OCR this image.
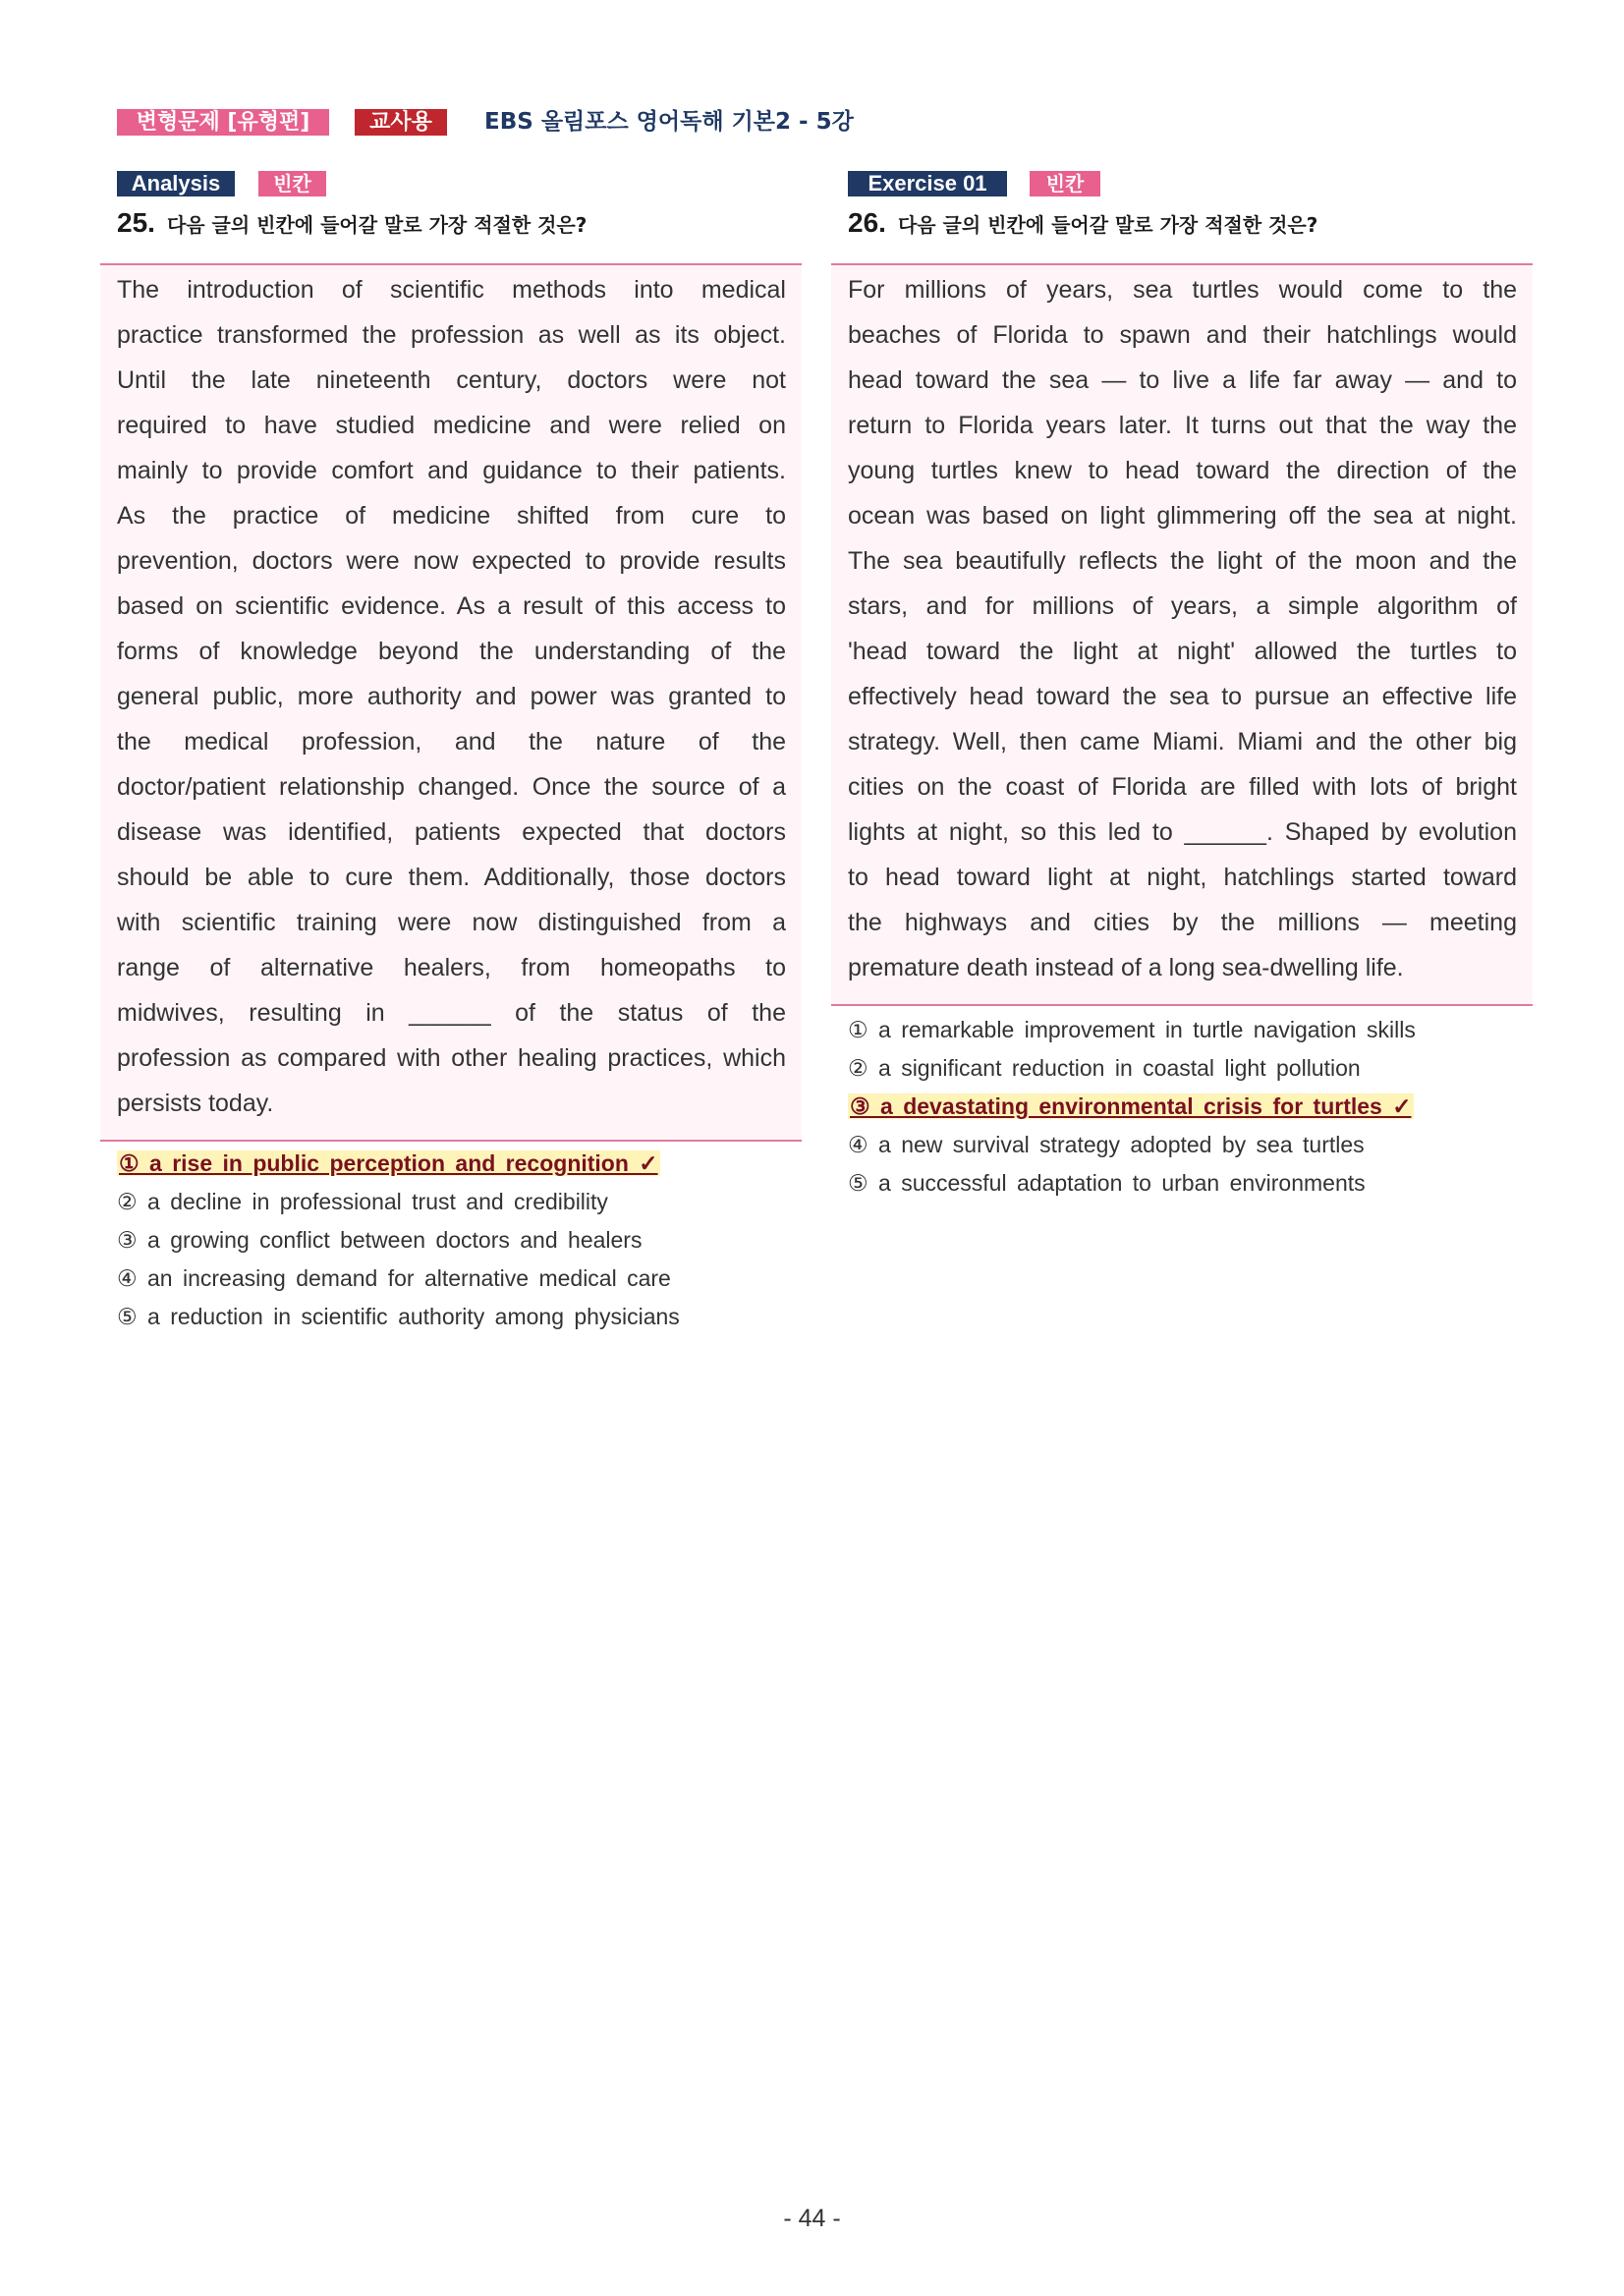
변형문제 [유형편]	교사용	EBS 올림포스 영어독해 기본2 - 5강
Analysis	빈칸
25. 다음 글의 빈칸에 들어갈 말로 가장 적절한 것은?
The introduction of scientific methods into medical
practice transformed the profession as well as its object.
Until the late nineteenth century, doctors were not
required to have studied medicine and were relied on
mainly to provide comfort and guidance to their patients.
As the practice of medicine shifted from cure to
prevention, doctors were now expected to provide results
based on scientific evidence. As a result of this access to
forms of knowledge beyond the understanding of the
general public, more authority and power was granted to
the medical profession, and the nature of the
doctor/patient relationship changed. Once the source of a
disease was identified, patients expected that doctors
should be able to cure them. Additionally, those doctors
with scientific training were now distinguished from a
range of alternative healers, from homeopaths to
midwives, resulting in ______ of the status of the
profession as compared with other healing practices, which
persists today.
① a rise in public perception and recognition ✓
② a decline in professional trust and credibility
③ a growing conflict between doctors and healers
④ an increasing demand for alternative medical care
⑤ a reduction in scientific authority among physicians
Exercise 01	빈칸
26. 다음 글의 빈칸에 들어갈 말로 가장 적절한 것은?
For millions of years, sea turtles would come to the
beaches of Florida to spawn and their hatchlings would
head toward the sea — to live a life far away — and to
return to Florida years later. It turns out that the way the
young turtles knew to head toward the direction of the
ocean was based on light glimmering off the sea at night.
The sea beautifully reflects the light of the moon and the
stars, and for millions of years, a simple algorithm of
'head toward the light at night' allowed the turtles to
effectively head toward the sea to pursue an effective life
strategy. Well, then came Miami. Miami and the other big
cities on the coast of Florida are filled with lots of bright
lights at night, so this led to ______. Shaped by evolution
to head toward light at night, hatchlings started toward
the highways and cities by the millions — meeting
premature death instead of a long sea-dwelling life.
① a remarkable improvement in turtle navigation skills
② a significant reduction in coastal light pollution
③ a devastating environmental crisis for turtles ✓
④ a new survival strategy adopted by sea turtles
⑤ a successful adaptation to urban environments
- 44 -
